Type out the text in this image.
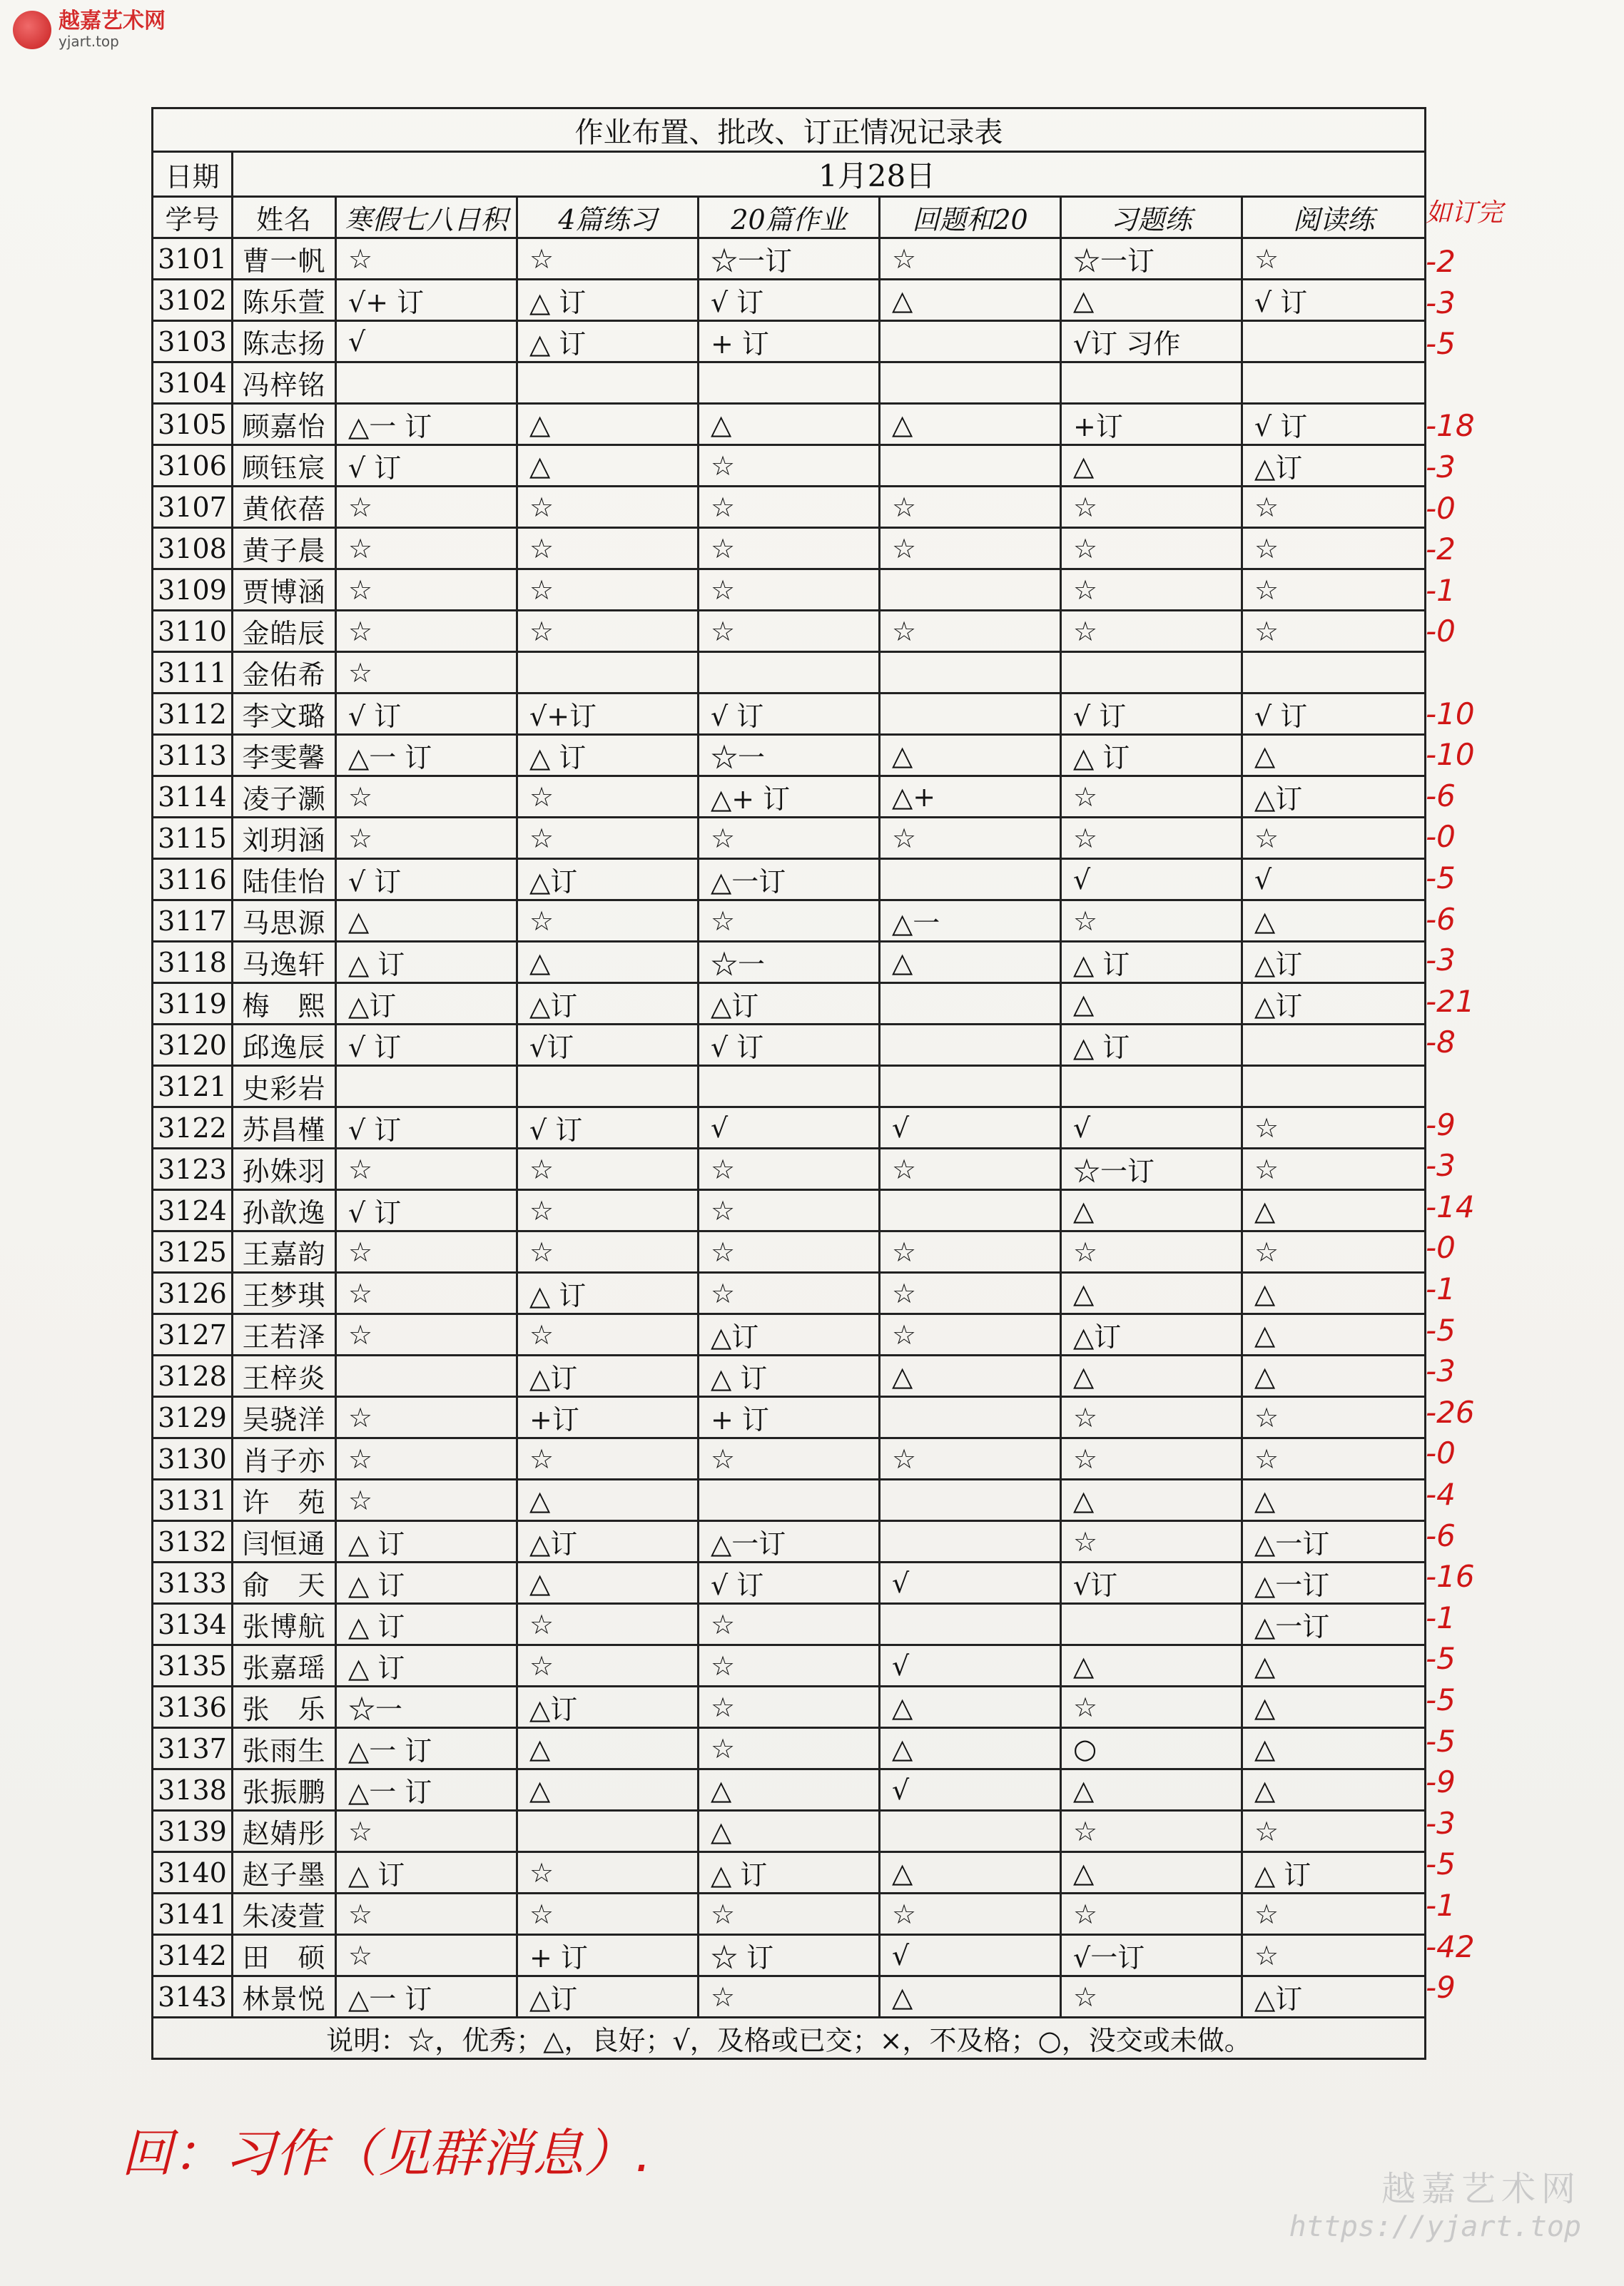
越嘉艺术网
yjart.top
作业布置、批改、订正情况记录表							
日期	1月28日						
学号	姓名	寒假七八日积	4篇练习	20篇作业	回题和20	习题练	阅读练
3101	曹一帆	☆	☆	☆一订	☆	☆一订	☆
3102	陈乐萱	√+ 订	△ 订	√ 订	△	△	√ 订
3103	陈志扬	√	△ 订	+ 订		√订 习作	
3104	冯梓铭						
3105	顾嘉怡	△一 订	△	△	△	+订	√ 订
3106	顾钰宸	√ 订	△	☆		△	△订
3107	黄依蓓	☆	☆	☆	☆	☆	☆
3108	黄子晨	☆	☆	☆	☆	☆	☆
3109	贾博涵	☆	☆	☆		☆	☆
3110	金皓辰	☆	☆	☆	☆	☆	☆
3111	金佑希	☆					
3112	李文璐	√ 订	√+订	√ 订		√ 订	√ 订
3113	李雯馨	△一 订	△ 订	☆一	△	△ 订	△
3114	凌子灏	☆	☆	△+ 订	△+	☆	△订
3115	刘玥涵	☆	☆	☆	☆	☆	☆
3116	陆佳怡	√ 订	△订	△一订		√	√
3117	马思源	△	☆	☆	△一	☆	△
3118	马逸轩	△ 订	△	☆一	△	△ 订	△订
3119	梅　熙	△订	△订	△订		△	△订
3120	邱逸辰	√ 订	√订	√ 订		△ 订	
3121	史彩岩						
3122	苏昌槿	√ 订	√ 订	√	√	√	☆
3123	孙姝羽	☆	☆	☆	☆	☆一订	☆
3124	孙歆逸	√ 订	☆	☆		△	△
3125	王嘉韵	☆	☆	☆	☆	☆	☆
3126	王梦琪	☆	△ 订	☆	☆	△	△
3127	王若泽	☆	☆	△订	☆	△订	△
3128	王梓炎		△订	△ 订	△	△	△
3129	吴骁洋	☆	+订	+ 订		☆	☆
3130	肖子亦	☆	☆	☆	☆	☆	☆
3131	许　苑	☆	△			△	△
3132	闫恒通	△ 订	△订	△一订		☆	△一订
3133	俞　天	△ 订	△	√ 订	√	√订	△一订
3134	张博航	△ 订	☆	☆			△一订
3135	张嘉瑶	△ 订	☆	☆	√	△	△
3136	张　乐	☆一	△订	☆	△	☆	△
3137	张雨生	△一 订	△	☆	△	○	△
3138	张振鹏	△一 订	△	△	√	△	△
3139	赵婧彤	☆		△		☆	☆
3140	赵子墨	△ 订	☆	△ 订	△	△	△ 订
3141	朱凌萱	☆	☆	☆	☆	☆	☆
3142	田　硕	☆	+ 订	☆ 订	√	√一订	☆
3143	林景悦	△一 订	△订	☆	△	☆	△订
说明：☆，优秀；△，良好；√，及格或已交；×，不及格；○，没交或未做。							
如订完
-2
-3
-5
-18
-3
-0
-2
-1
-0
-10
-10
-6
-0
-5
-6
-3
-21
-8
-9
-3
-14
-0
-1
-5
-3
-26
-0
-4
-6
-16
-1
-5
-5
-5
-9
-3
-5
-1
-42
-9
回：习作（见群消息）.
越嘉艺术网
https://yjart.top
